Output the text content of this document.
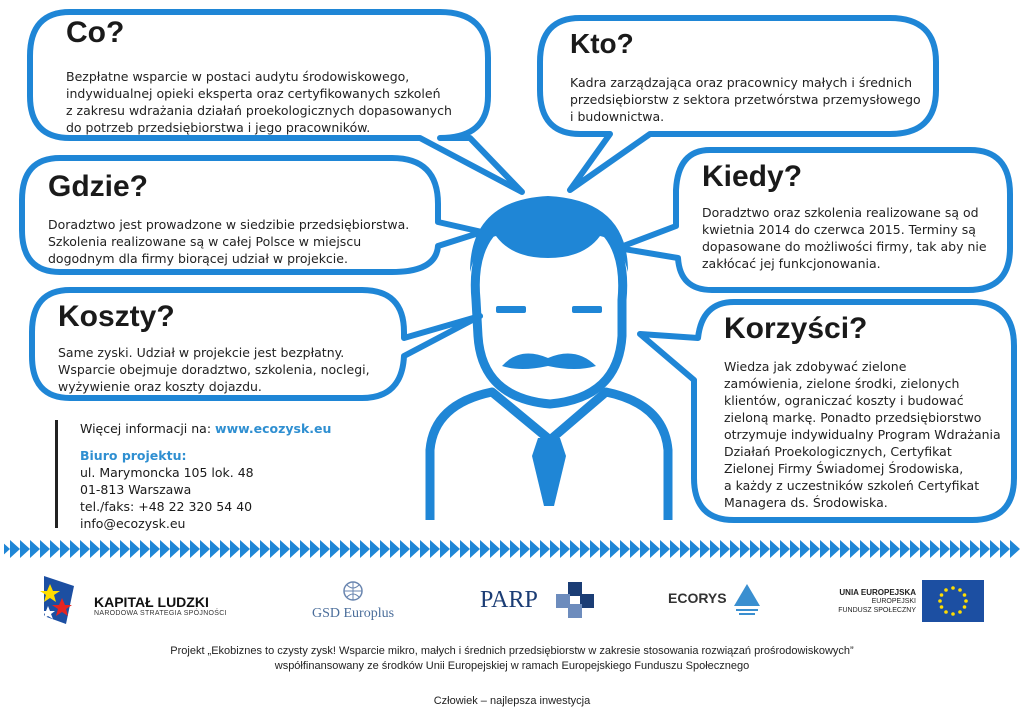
Co?

Bezpłatne wsparcie w postaci audytu środowiskowego,
indywidualnej opieki eksperta oraz certyfikowanych szkoleń
z zakresu wdrażania działań proekologicznych dopasowanych
do potrzeb przedsiębiorstwa i jego pracowników.

Kto?

Kadra zarządzająca oraz pracownicy małych i średnich
przedsiębiorstw z sektora przetwórstwa przemysłowego
i budownictwa.

Gdzie?

Doradztwo jest prowadzone w siedzibie przedsiębiorstwa.
Szkolenia realizowane są w całej Polsce w miejscu
dogodnym dla firmy biorącej udział w projekcie.

Kiedy?

Doradztwo oraz szkolenia realizowane są od
kwietnia 2014 do czerwca 2015. Terminy są
dopasowane do możliwości firmy, tak aby nie
zakłócać jej funkcjonowania.

Koszty?

Same zyski. Udział w projekcie jest bezpłatny.
Wsparcie obejmuje doradztwo, szkolenia, noclegi,
wyżywienie oraz koszty dojazdu.

Korzyści?

Wiedza jak zdobywać zielone
zamówienia, zielone środki, zielonych
klientów, ograniczać koszty i budować
zieloną markę. Ponadto przedsiębiorstwo
otrzymuje indywidualny Program Wdrażania
Działań Proekologicznych, Certyfikat
Zielonej Firmy Świadomej Środowiska,
a każdy z uczestników szkoleń Certyfikat
Managera ds. Środowiska.

Więcej informacji na: www.ecozysk.eu
Biuro projektu:
ul. Marymoncka 105 lok. 48
01-813 Warszawa
tel./faks: +48 22 320 54 40
info@ecozysk.eu
KAPITAŁ LUDZKI
NARODOWA STRATEGIA SPÓJNOŚCI	GSD Europlus
PARP	ECORYS	UNIA EUROPEJSKA
EUROPEJSKI
FUNDUSZ SPOŁECZNY
Projekt „Ekobiznes to czysty zysk! Wsparcie mikro, małych i średnich przedsiębiorstw w zakresie stosowania rozwiązań prośrodowiskowych”
współfinansowany ze środków Unii Europejskiej w ramach Europejskiego Funduszu Społecznego
Człowiek – najlepsza inwestycja
